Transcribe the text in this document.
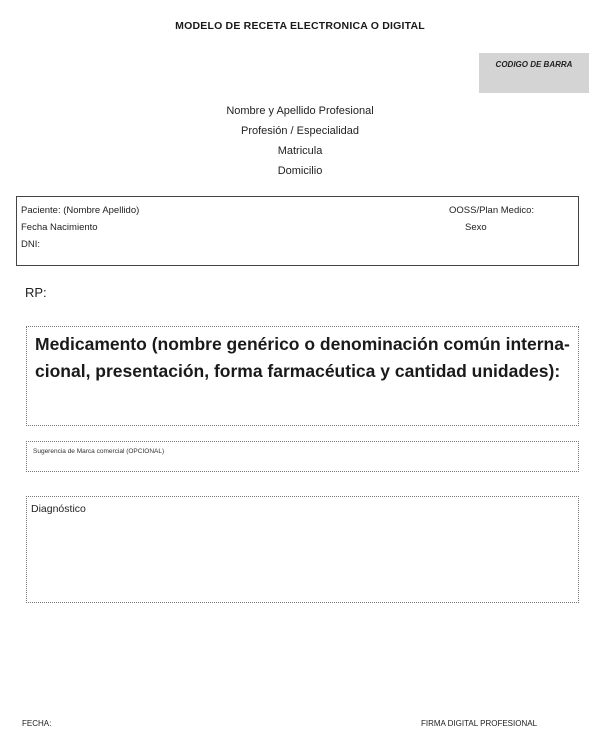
MODELO DE RECETA ELECTRONICA O DIGITAL
CODIGO DE BARRA
Nombre y Apellido Profesional
Profesión / Especialidad
Matricula
Domicilio
Paciente: (Nombre Apellido)
Fecha Nacimiento
DNI:
OOSS/Plan Medico:
Sexo
RP:
Medicamento (nombre genérico o denominación común interna-cional, presentación, forma farmacéutica y cantidad unidades):
Sugerencia de Marca comercial (OPCIONAL)
Diagnóstico
FECHA:	FIRMA DIGITAL PROFESIONAL
